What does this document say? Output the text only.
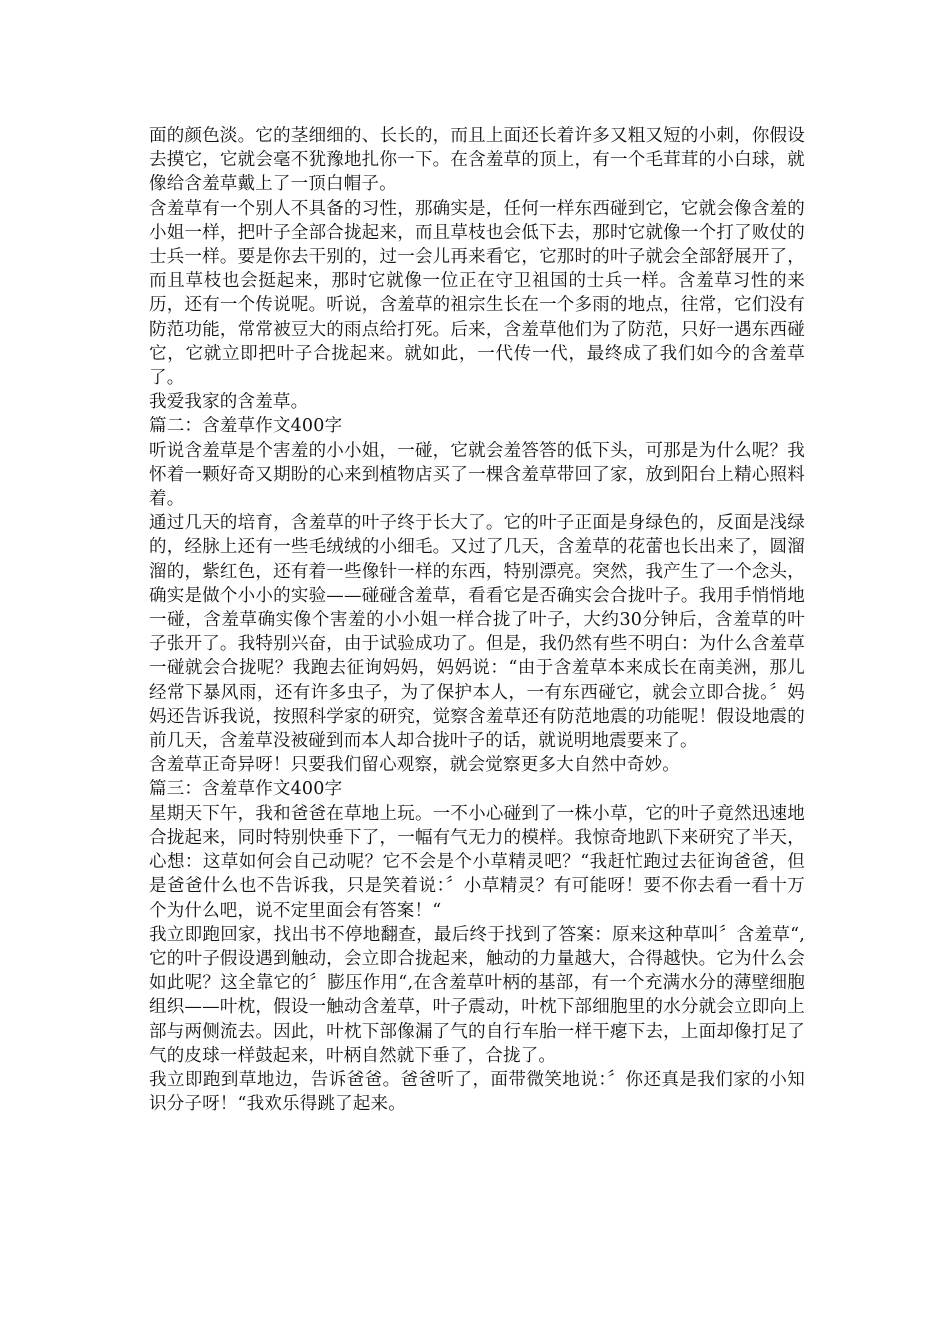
面的颜色淡。它的茎细细的、长长的，而且上面还长着许多又粗又短的小刺，你假设去摸它，它就会毫不犹豫地扎你一下。在含羞草的顶上，有一个毛茸茸的小白球，就像给含羞草戴上了一顶白帽子。

含羞草有一个别人不具备的习性，那确实是，任何一样东西碰到它，它就会像含羞的小姐一样，把叶子全部合拢起来，而且草枝也会低下去，那时它就像一个打了败仗的士兵一样。要是你去干别的，过一会儿再来看它，它那时的叶子就会全部舒展开了，而且草枝也会挺起来，那时它就像一位正在守卫祖国的士兵一样。含羞草习性的来历，还有一个传说呢。听说，含羞草的祖宗生长在一个多雨的地点，往常，它们没有防范功能，常常被豆大的雨点给打死。后来，含羞草他们为了防范，只好一遇东西碰它，它就立即把叶子合拢起来。就如此，一代传一代，最终成了我们如今的含羞草了。

我爱我家的含羞草。

篇二：含羞草作文400字

听说含羞草是个害羞的小小姐，一碰，它就会羞答答的低下头，可那是为什么呢？我怀着一颗好奇又期盼的心来到植物店买了一棵含羞草带回了家，放到阳台上精心照料着。

通过几天的培育，含羞草的叶子终于长大了。它的叶子正面是身绿色的，反面是浅绿的，经脉上还有一些毛绒绒的小细毛。又过了几天，含羞草的花蕾也长出来了，圆溜溜的，紫红色，还有着一些像针一样的东西，特别漂亮。突然，我产生了一个念头，确实是做个小小的实验——碰碰含羞草，看看它是否确实会合拢叶子。我用手悄悄地一碰，含羞草确实像个害羞的小小姐一样合拢了叶子，大约30分钟后，含羞草的叶子张开了。我特别兴奋，由于试验成功了。但是，我仍然有些不明白：为什么含羞草一碰就会合拢呢？我跑去征询妈妈，妈妈说：“由于含羞草本来成长在南美洲，那儿经常下暴风雨，还有许多虫子，为了保护本人，一有东西碰它，就会立即合拢。〞妈妈还告诉我说，按照科学家的研究，觉察含羞草还有防范地震的功能呢！假设地震的前几天，含羞草没被碰到而本人却合拢叶子的话，就说明地震要来了。

含羞草正奇异呀！只要我们留心观察，就会觉察更多大自然中奇妙。

篇三：含羞草作文400字

星期天下午，我和爸爸在草地上玩。一不小心碰到了一株小草，它的叶子竟然迅速地合拢起来，同时特别快垂下了，一幅有气无力的模样。我惊奇地趴下来研究了半天，心想：这草如何会自己动呢？它不会是个小草精灵吧？“我赶忙跑过去征询爸爸，但是爸爸什么也不告诉我，只是笑着说：〞小草精灵？有可能呀！要不你去看一看十万个为什么吧，说不定里面会有答案！“

我立即跑回家，找出书不停地翻查，最后终于找到了答案：原来这种草叫〞含羞草“,它的叶子假设遇到触动，会立即合拢起来，触动的力量越大，合得越快。它为什么会如此呢？这全靠它的〞膨压作用“,在含羞草叶柄的基部，有一个充满水分的薄壁细胞组织——叶枕，假设一触动含羞草，叶子震动，叶枕下部细胞里的水分就会立即向上部与两侧流去。因此，叶枕下部像漏了气的自行车胎一样干瘪下去，上面却像打足了气的皮球一样鼓起来，叶柄自然就下垂了，合拢了。

我立即跑到草地边，告诉爸爸。爸爸听了，面带微笑地说：〞你还真是我们家的小知识分子呀！“我欢乐得跳了起来。
